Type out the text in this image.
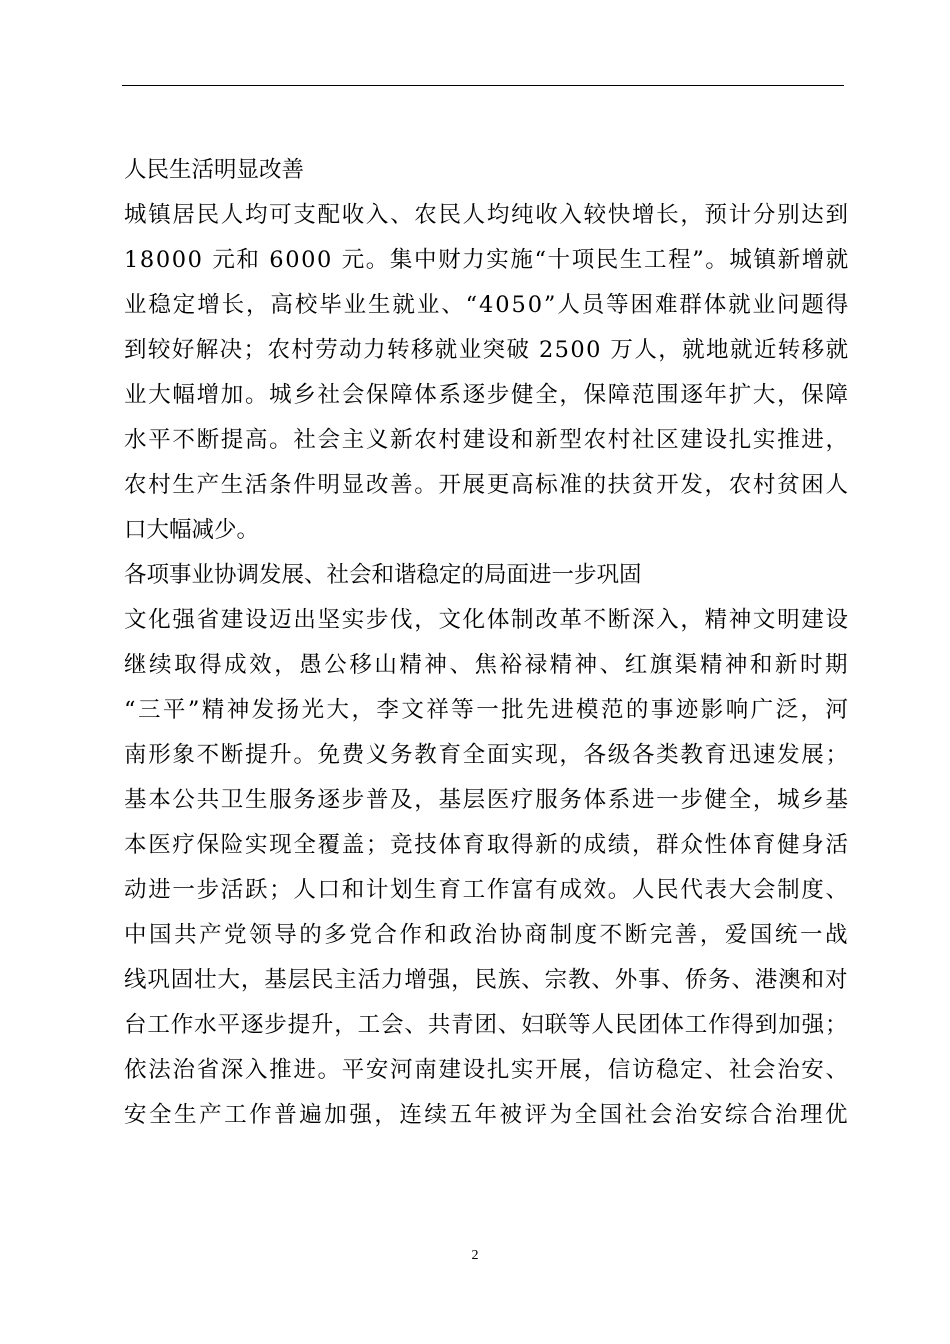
人民生活明显改善
城镇居民人均可支配收入、农民人均纯收入较快增长，预计分别达到
18000 元和 6000 元。集中财力实施“十项民生工程”。城镇新增就
业稳定增长，高校毕业生就业、“4050”人员等困难群体就业问题得
到较好解决；农村劳动力转移就业突破 2500 万人，就地就近转移就
业大幅增加。城乡社会保障体系逐步健全，保障范围逐年扩大，保障
水平不断提高。社会主义新农村建设和新型农村社区建设扎实推进，
农村生产生活条件明显改善。开展更高标准的扶贫开发，农村贫困人
口大幅减少。
各项事业协调发展、社会和谐稳定的局面进一步巩固
文化强省建设迈出坚实步伐，文化体制改革不断深入，精神文明建设
继续取得成效，愚公移山精神、焦裕禄精神、红旗渠精神和新时期
“三平”精神发扬光大，李文祥等一批先进模范的事迹影响广泛，河
南形象不断提升。免费义务教育全面实现，各级各类教育迅速发展；
基本公共卫生服务逐步普及，基层医疗服务体系进一步健全，城乡基
本医疗保险实现全覆盖；竞技体育取得新的成绩，群众性体育健身活
动进一步活跃；人口和计划生育工作富有成效。人民代表大会制度、
中国共产党领导的多党合作和政治协商制度不断完善，爱国统一战
线巩固壮大，基层民主活力增强，民族、宗教、外事、侨务、港澳和对
台工作水平逐步提升，工会、共青团、妇联等人民团体工作得到加强；
依法治省深入推进。平安河南建设扎实开展，信访稳定、社会治安、
安全生产工作普遍加强，连续五年被评为全国社会治安综合治理优
2
